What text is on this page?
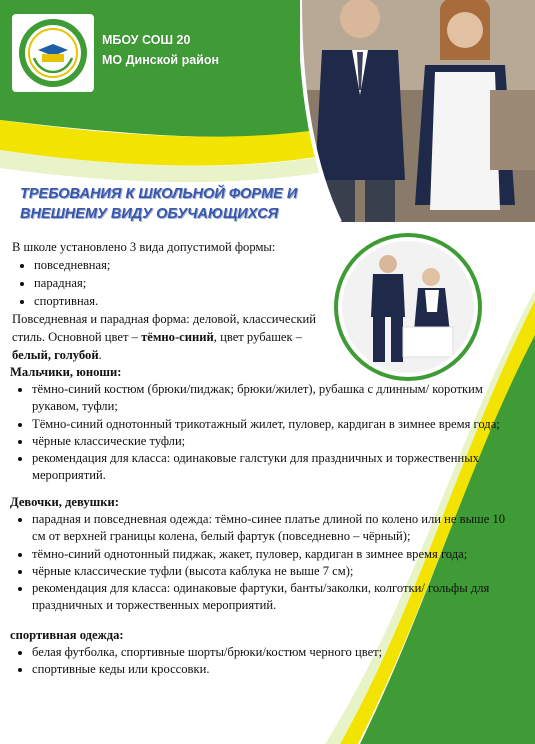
МБОУ СОШ 20
МО Динской район
ТРЕБОВАНИЯ К ШКОЛЬНОЙ ФОРМЕ И
ВНЕШНЕМУ ВИДУ ОБУЧАЮЩИХСЯ
В школе установлено 3 вида допустимой формы:
• повседневная;
• парадная;
• спортивная.
Повседневная и парадная форма: деловой, классический стиль. Основной цвет – тёмно-синий, цвет рубашек – белый, голубой.
Мальчики, юноши:
• тёмно-синий костюм (брюки/пиджак; брюки/жилет), рубашка с длинным/ коротким рукавом, туфли;
• Тёмно-синий однотонный трикотажный жилет, пуловер, кардиган в зимнее время года;
• чёрные классические туфли;
• рекомендация для класса: одинаковые галстуки для праздничных и торжественных мероприятий.
Девочки, девушки:
• парадная и повседневная одежда: тёмно-синее платье длиной по колено или не выше 10 см от верхней границы колена, белый фартук (повседневно – чёрный);
• тёмно-синий однотонный пиджак, жакет, пуловер, кардиган в зимнее время года;
• чёрные классические туфли (высота каблука не выше 7 см);
• рекомендация для класса: одинаковые фартуки, банты/заколки, колготки/ гольфы для праздничных и торжественных мероприятий.
спортивная одежда:
• белая футболка, спортивные шорты/брюки/костюм черного цвет;
• спортивные кеды или кроссовки.
